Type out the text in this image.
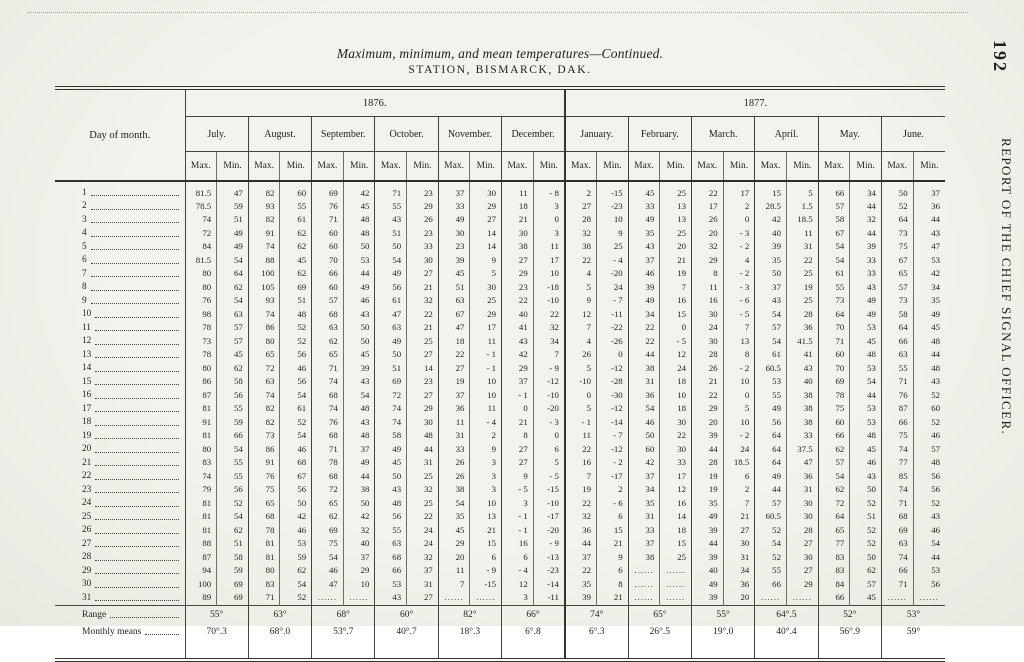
Maximum, minimum, and mean temperatures—Continued.
STATION, BISMARCK, DAK.	192
REPORT OF THE CHIEF SIGNAL OFFICER.
Day of month.	1876.												1877.											
	July.		August.		September.		October.		November.		December.		January.		February.		March.		April.		May.		June.	
	Max.	Min.	Max.	Min.	Max.	Min.	Max.	Min.	Max.	Min.	Max.	Min.	Max.	Min.	Max.	Min.	Max.	Min.	Max.	Min.	Max.	Min.	Max.	Min.

1	81.5	47	82	60	69	42	71	23	37	30	11	- 8	2	-15	45	25	22	17	15	5	66	34	50	37

2	78.5	59	93	55	76	45	55	29	33	29	18	3	27	-23	33	13	17	2	28.5	1.5	57	44	52	36

3	74	51	82	61	71	48	43	26	49	27	21	0	28	10	49	13	26	0	42	18.5	58	32	64	44

4	72	49	91	62	60	48	51	23	30	14	30	3	32	9	35	25	20	- 3	40	11	67	44	73	43

5	84	49	74	62	60	50	50	33	23	14	38	11	38	25	43	20	32	- 2	39	31	54	39	75	47

6	81.5	54	88	45	70	53	54	30	39	9	27	17	22	- 4	37	21	29	4	35	22	54	33	67	53

7	80	64	100	62	66	44	49	27	45	5	29	10	4	-20	46	19	8	- 2	50	25	61	33	65	42

8	80	62	105	69	60	49	56	21	51	30	23	-18	5	24	39	7	11	- 3	37	19	55	43	57	34

9	76	54	93	51	57	46	61	32	63	25	22	-10	9	- 7	49	16	16	- 6	43	25	73	49	73	35

10	98	63	74	48	68	43	47	22	67	29	40	22	12	-11	34	15	30	- 5	54	28	64	49	58	49

11	78	57	86	52	63	50	63	21	47	17	41	32	7	-22	22	0	24	7	57	36	70	53	64	45

12	73	57	80	52	62	50	49	25	18	11	43	34	4	-26	22	- 5	30	13	54	41.5	71	45	66	48

13	78	45	65	56	65	45	50	27	22	- 1	42	7	26	0	44	12	28	8	61	41	60	48	63	44

14	80	62	72	46	71	39	51	14	27	- 1	29	- 9	5	-12	38	24	26	- 2	60.5	43	70	53	55	48

15	86	58	63	56	74	43	69	23	19	10	37	-12	-10	-28	31	18	21	10	53	40	69	54	71	43

16	87	56	74	54	68	54	72	27	37	10	- 1	-10	0	-30	36	10	22	0	55	38	78	44	76	52

17	81	55	82	61	74	48	74	29	36	11	0	-20	5	-12	54	18	29	5	49	38	75	53	87	60

18	91	59	82	52	76	43	74	30	11	- 4	21	- 3	- 1	-14	46	30	20	10	56	38	60	53	66	52

19	81	66	73	54	68	48	58	48	31	2	8	0	11	- 7	50	22	39	- 2	64	33	66	48	75	46

20	80	54	86	46	71	37	49	44	33	9	27	6	22	-12	60	30	44	24	64	37.5	62	45	74	57

21	83	55	91	68	78	49	45	31	26	3	27	5	16	- 2	42	33	28	18.5	64	47	57	46	77	48

22	74	55	76	67	68	44	50	25	26	3	9	- 5	7	-17	37	17	19	6	49	36	54	43	85	56

23	79	56	75	56	72	38	43	32	38	3	- 5	-15	19	2	34	12	19	2	44	31	62	50	74	56

24	81	52	65	50	65	50	48	25	54	10	3	-10	22	- 6	35	16	35	7	57	30	72	52	71	52

25	81	54	68	42	62	42	56	22	35	13	- 1	-17	32	6	31	14	49	21	60.5	30	64	51	68	43

26	81	62	78	46	69	32	55	24	45	21	- 1	-20	36	15	33	18	39	27	52	28	65	52	69	46

27	88	51	81	53	75	40	63	24	29	15	16	- 9	44	21	37	15	44	30	54	27	77	52	63	54

28	87	58	81	59	54	37	68	32	20	6	6	-13	37	9	38	25	39	31	52	30	83	50	74	44

29	94	59	80	62	46	29	66	37	11	- 9	- 4	-23	22	6	......	......	40	34	55	27	83	62	66	53

30	100	69	83	54	47	10	53	31	7	-15	12	-14	35	8	......	......	49	36	66	29	84	57	71	56

31	89	69	71	52	......	......	43	27	......	......	3	-11	39	21	......	......	39	20	......	......	66	45	......	......

Range	55°		63°		68°		60°		82°		66°		74°		65°		55°		64°.5		52°		53°	

Monthly means	70°.3		68°.0		53°.7		40°.7		18°.3		6°.8		6°.3		26°.5		19°.0		40°.4		56°.9		59°	
